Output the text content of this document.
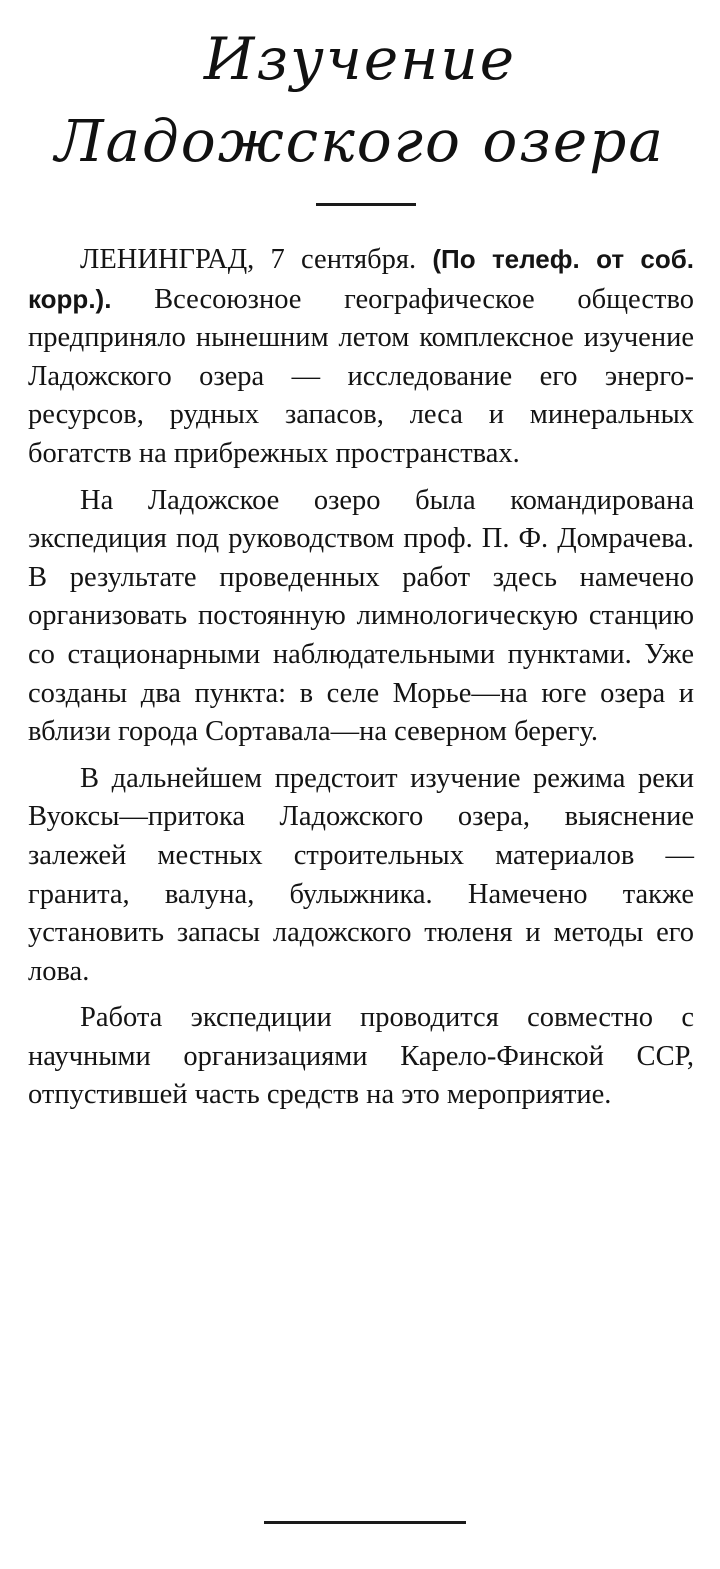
Изучение
Ладожского озера

ЛЕНИНГРАД, 7 сентября. (По телеф. от соб. корр.). Всесоюзное географическое общество предприняло нынешним летом комплексное изучение Ладожского озера — исследование его энерго-ресурсов, рудных запасов, леса и минеральных богатств на прибрежных пространствах.

На Ладожское озеро была командирована экспедиция под руководством проф. П. Ф. Домрачева. В результате проведенных работ здесь намечено организовать постоянную лимнологическую станцию со стационарными наблюдательными пунктами. Уже созданы два пункта: в селе Морье—на юге озера и вблизи города Сортавала—на северном берегу.

В дальнейшем предстоит изучение режима реки Вуоксы—притока Ладожского озера, выяснение залежей местных строительных материалов — гранита, валуна, булыжника. Намечено также установить запасы ладожского тюленя и методы его лова.

Работа экспедиции проводится совместно с научными организациями Карело-Финской ССР, отпустившей часть средств на это мероприятие.
